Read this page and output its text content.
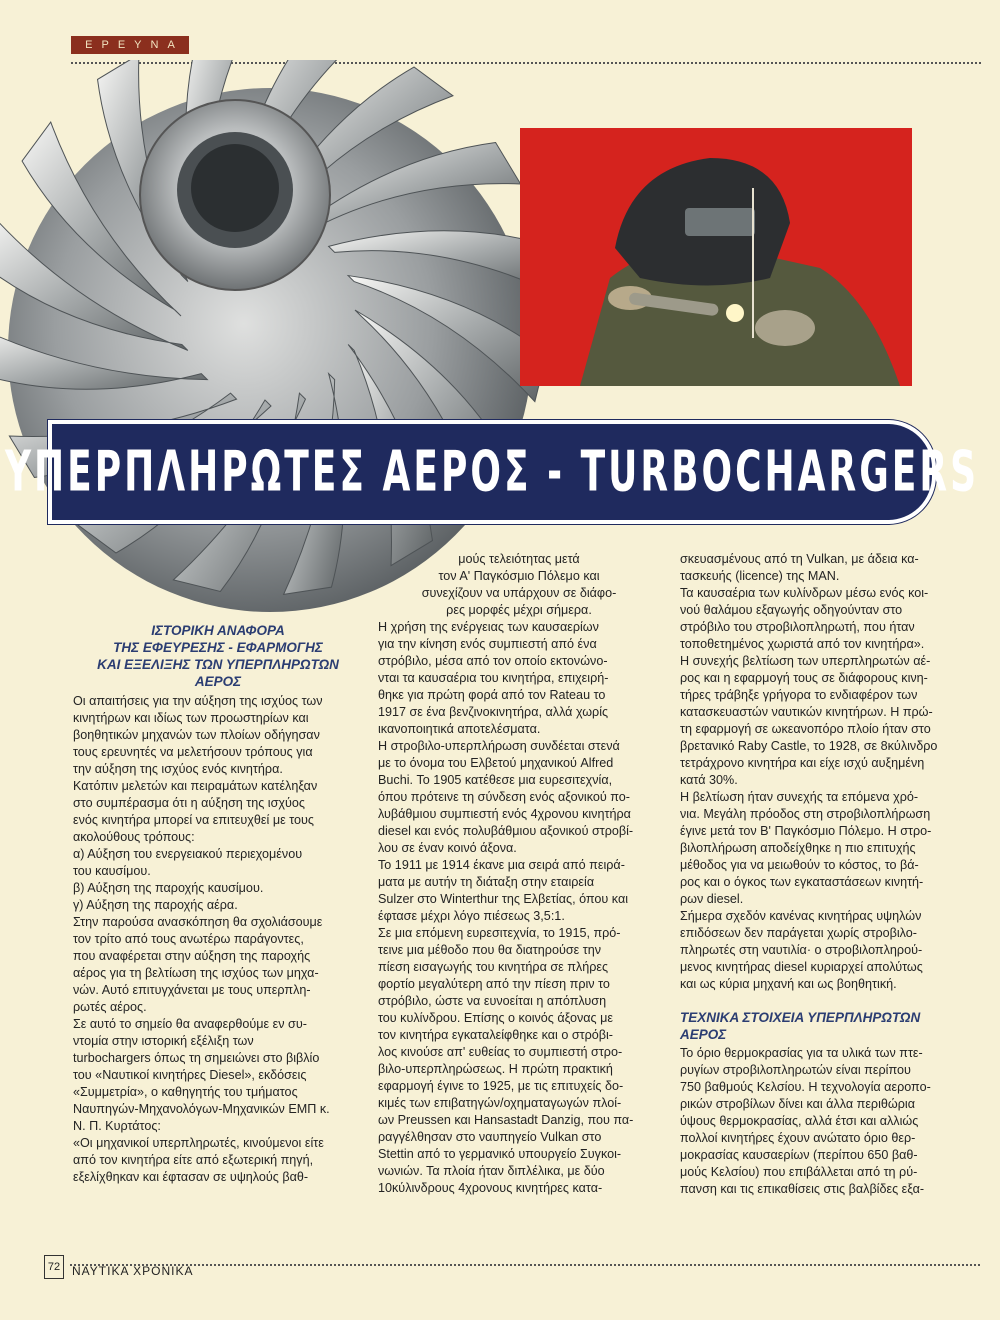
ΕΡΕΥΝΑ
ΥΠΕΡΠΛΗΡΩΤΕΣ ΑΕΡΟΣ - TURBOCHARGERS
ΙΣΤΟΡΙΚΗ ΑΝΑΦΟΡΑ
ΤΗΣ ΕΦΕΥΡΕΣΗΣ - ΕΦΑΡΜΟΓΗΣ
ΚΑΙ ΕΞΕΛΙΞΗΣ ΤΩΝ ΥΠΕΡΠΛΗΡΩΤΩΝ
ΑΕΡΟΣ

Οι απαιτήσεις για την αύξηση της ισχύος των

κινητήρων και ιδίως των προωστηρίων και

βοηθητικών μηχανών των πλοίων οδήγησαν

τους ερευνητές να μελετήσουν τρόπους για

την αύξηση της ισχύος ενός κινητήρα.

Κατόπιν μελετών και πειραμάτων κατέληξαν

στο συμπέρασμα ότι η αύξηση της ισχύος

ενός κινητήρα μπορεί να επιτευχθεί με τους

ακολούθους τρόπους:

α) Αύξηση του ενεργειακού περιεχομένου

του καυσίμου.

β) Αύξηση της παροχής καυσίμου.

γ) Αύξηση της παροχής αέρα.

Στην παρούσα ανασκόπηση θα σχολιάσουμε

τον τρίτο από τους ανωτέρω παράγοντες,

που αναφέρεται στην αύξηση της παροχής

αέρος για τη βελτίωση της ισχύος των μηχα-

νών. Αυτό επιτυγχάνεται με τους υπερπλη-

ρωτές αέρος.

Σε αυτό το σημείο θα αναφερθούμε εν συ-

ντομία στην ιστορική εξέλιξη των

turbochargers όπως τη σημειώνει στο βιβλίο

του «Ναυτικοί κινητήρες Diesel», εκδόσεις

«Συμμετρία», ο καθηγητής του τμήματος

Ναυπηγών-Μηχανολόγων-Μηχανικών ΕΜΠ κ.

Ν. Π. Κυρτάτος:

«Οι μηχανικοί υπερπληρωτές, κινούμενοι είτε

από τον κινητήρα είτε από εξωτερική πηγή,

εξελίχθηκαν και έφτασαν σε υψηλούς βαθ-

μούς τελειότητας μετά

τον Α' Παγκόσμιο Πόλεμο και

συνεχίζουν να υπάρχουν σε διάφο-

ρες μορφές μέχρι σήμερα.

Η χρήση της ενέργειας των καυσαερίων

για την κίνηση ενός συμπιεστή από ένα

στρόβιλο, μέσα από τον οποίο εκτονώνο-

νται τα καυσαέρια του κινητήρα, επιχειρή-

θηκε για πρώτη φορά από τον Rateau το

1917 σε ένα βενζινοκινητήρα, αλλά χωρίς

ικανοποιητικά αποτελέσματα.

Η στροβιλο-υπερπλήρωση συνδέεται στενά

με το όνομα του Ελβετού μηχανικού Alfred

Buchi. Το 1905 κατέθεσε μια ευρεσιτεχνία,

όπου πρότεινε τη σύνδεση ενός αξονικού πο-

λυβάθμιου συμπιεστή ενός 4χρονου κινητήρα

diesel και ενός πολυβάθμιου αξονικού στροβί-

λου σε έναν κοινό άξονα.

Το 1911 με 1914 έκανε μια σειρά από πειρά-

ματα με αυτήν τη διάταξη στην εταιρεία

Sulzer στο Winterthur της Ελβετίας, όπου και

έφτασε μέχρι λόγο πιέσεως 3,5:1.

Σε μια επόμενη ευρεσιτεχνία, το 1915, πρό-

τεινε μια μέθοδο που θα διατηρούσε την

πίεση εισαγωγής του κινητήρα σε πλήρες

φορτίο μεγαλύτερη από την πίεση πριν το

στρόβιλο, ώστε να ευνοείται η απόπλυση

του κυλίνδρου. Επίσης ο κοινός άξονας με

τον κινητήρα εγκαταλείφθηκε και ο στρόβι-

λος κινούσε απ' ευθείας το συμπιεστή στρο-

βιλο-υπερπληρώσεως. Η πρώτη πρακτική

εφαρμογή έγινε το 1925, με τις επιτυχείς δο-

κιμές των επιβατηγών/οχηματαγωγών πλοί-

ων Preussen και Hansastadt Danzig, που πα-

ραγγέλθησαν στο ναυπηγείο Vulkan στο

Stettin από το γερμανικό υπουργείο Συγκοι-

νωνιών. Τα πλοία ήταν διπλέλικα, με δύο

10κύλινδρους 4χρονους κινητήρες κατα-

σκευασμένους από τη Vulkan, με άδεια κα-

τασκευής (licence) της MAN.

Τα καυσαέρια των κυλίνδρων μέσω ενός κοι-

νού θαλάμου εξαγωγής οδηγούνταν στο

στρόβιλο του στροβιλοπληρωτή, που ήταν

τοποθετημένος χωριστά από τον κινητήρα».

Η συνεχής βελτίωση των υπερπληρωτών αέ-

ρος και η εφαρμογή τους σε διάφορους κινη-

τήρες τράβηξε γρήγορα το ενδιαφέρον των

κατασκευαστών ναυτικών κινητήρων. Η πρώ-

τη εφαρμογή σε ωκεανοπόρο πλοίο ήταν στο

βρετανικό Raby Castle, το 1928, σε 8κύλινδρο

τετράχρονο κινητήρα και είχε ισχύ αυξημένη

κατά 30%.

Η βελτίωση ήταν συνεχής τα επόμενα χρό-

νια. Μεγάλη πρόοδος στη στροβιλοπλήρωση

έγινε μετά τον Β' Παγκόσμιο Πόλεμο. Η στρο-

βιλοπλήρωση αποδείχθηκε η πιο επιτυχής

μέθοδος για να μειωθούν το κόστος, το βά-

ρος και ο όγκος των εγκαταστάσεων κινητή-

ρων diesel.

Σήμερα σχεδόν κανένας κινητήρας υψηλών

επιδόσεων δεν παράγεται χωρίς στροβιλο-

πληρωτές στη ναυτιλία· ο στροβιλοπληρού-

μενος κινητήρας diesel κυριαρχεί απολύτως

και ως κύρια μηχανή και ως βοηθητική.

ΤΕΧΝΙΚΑ ΣΤΟΙΧΕΙΑ ΥΠΕΡΠΛΗΡΩΤΩΝ
ΑΕΡΟΣ

Το όριο θερμοκρασίας για τα υλικά των πτε-

ρυγίων στροβιλοπληρωτών είναι περίπου

750 βαθμούς Κελσίου. Η τεχνολογία αεροπο-

ρικών στροβίλων δίνει και άλλα περιθώρια

ύψους θερμοκρασίας, αλλά έτσι και αλλιώς

πολλοί κινητήρες έχουν ανώτατο όριο θερ-

μοκρασίας καυσαερίων (περίπου 650 βαθ-

μούς Κελσίου) που επιβάλλεται από τη ρύ-

πανση και τις επικαθίσεις στις βαλβίδες εξα-

72 ΝΑΥΤΙΚΑ ΧΡΟΝΙΚΑ
